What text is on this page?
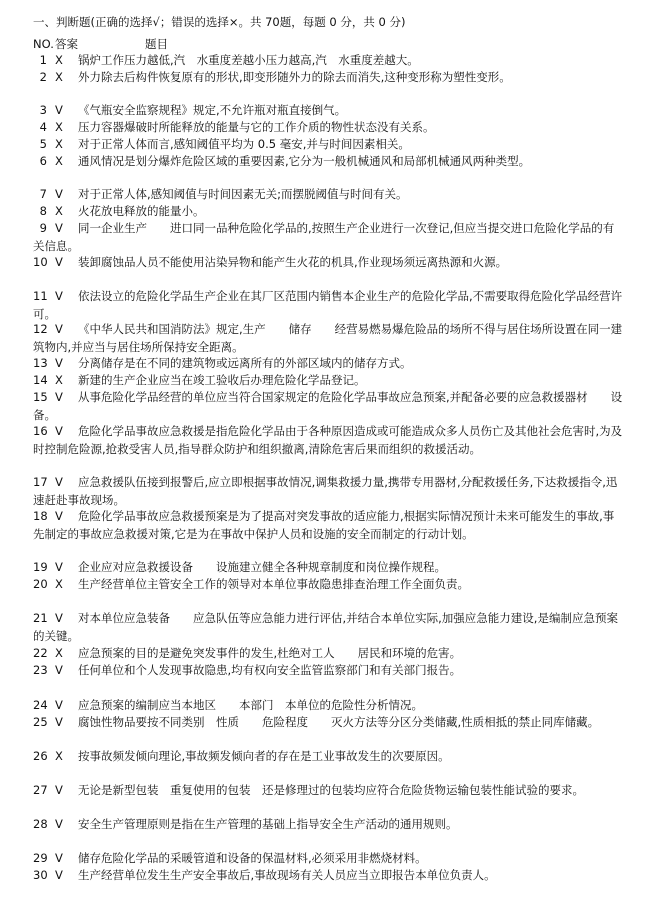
一、判断题(正确的选择√；错误的选择×。共 70题，每题 0 分，共 0 分)
NO. 答案	题目
1 X 锅炉工作压力越低,汽　水重度差越小压力越高,汽　水重度差越大。
2 X 外力除去后构件恢复原有的形状,即变形随外力的除去而消失,这种变形称为塑性变形。
3 V 《气瓶安全监察规程》规定,不允许瓶对瓶直接倒气。
4 X 压力容器爆破时所能释放的能量与它的工作介质的物性状态没有关系。
5 X 对于正常人体而言,感知阈值平均为 0.5 毫安,并与时间因素相关。
6 X 通风情况是划分爆炸危险区域的重要因素,它分为一般机械通风和局部机械通风两种类型。
7 V 对于正常人体,感知阈值与时间因素无关;而摆脱阈值与时间有关。
8 X 火花放电释放的能量小。
9 V 同一企业生产　　进口同一品种危险化学品的,按照生产企业进行一次登记,但应当提交进口危险化学品的有
关信息。
10 V 装卸腐蚀品人员不能使用沾染异物和能产生火花的机具,作业现场须远离热源和火源。
11 V 依法设立的危险化学品生产企业在其厂区范围内销售本企业生产的危险化学品,不需要取得危险化学品经营许
可。
12 V 《中华人民共和国消防法》规定,生产　　储存　　经营易燃易爆危险品的场所不得与居住场所设置在同一建
筑物内,并应当与居住场所保持安全距离。
13 V 分离储存是在不同的建筑物或远离所有的外部区域内的储存方式。
14 X 新建的生产企业应当在竣工验收后办理危险化学品登记。
15 V 从事危险化学品经营的单位应当符合国家规定的危险化学品事故应急预案,并配备必要的应急救援器材　　设
备。
16 V 危险化学品事故应急救援是指危险化学品由于各种原因造成或可能造成众多人员伤亡及其他社会危害时,为及
时控制危险源,抢救受害人员,指导群众防护和组织撤离,清除危害后果而组织的救援活动。
17 V 应急救援队伍接到报警后,应立即根据事故情况,调集救援力量,携带专用器材,分配救援任务,下达救援指令,迅
速赶赴事故现场。
18 V 危险化学品事故应急救援预案是为了提高对突发事故的适应能力,根据实际情况预计未来可能发生的事故,事
先制定的事故应急救援对策,它是为在事故中保护人员和设施的安全而制定的行动计划。
19 V 企业应对应急救援设备　　设施建立健全各种规章制度和岗位操作规程。
20 X 生产经营单位主管安全工作的领导对本单位事故隐患排查治理工作全面负责。
21 V 对本单位应急装备　　应急队伍等应急能力进行评估,并结合本单位实际,加强应急能力建设,是编制应急预案
的关键。
22 X 应急预案的目的是避免突发事件的发生,杜绝对工人　　居民和环境的危害。
23 V 任何单位和个人发现事故隐患,均有权向安全监管监察部门和有关部门报告。
24 V 应急预案的编制应当本地区　　本部门　本单位的危险性分析情况。
25 V 腐蚀性物品要按不同类别　性质　　危险程度　　灭火方法等分区分类储藏,性质相抵的禁止同库储藏。
26 X 按事故频发倾向理论,事故频发倾向者的存在是工业事故发生的次要原因。
27 V 无论是新型包装　重复使用的包装　还是修理过的包装均应符合危险货物运输包装性能试验的要求。
28 V 安全生产管理原则是指在生产管理的基础上指导安全生产活动的通用规则。
29 V 储存危险化学品的采暖管道和设备的保温材料,必须采用非燃烧材料。
30 V 生产经营单位发生生产安全事故后,事故现场有关人员应当立即报告本单位负责人。
